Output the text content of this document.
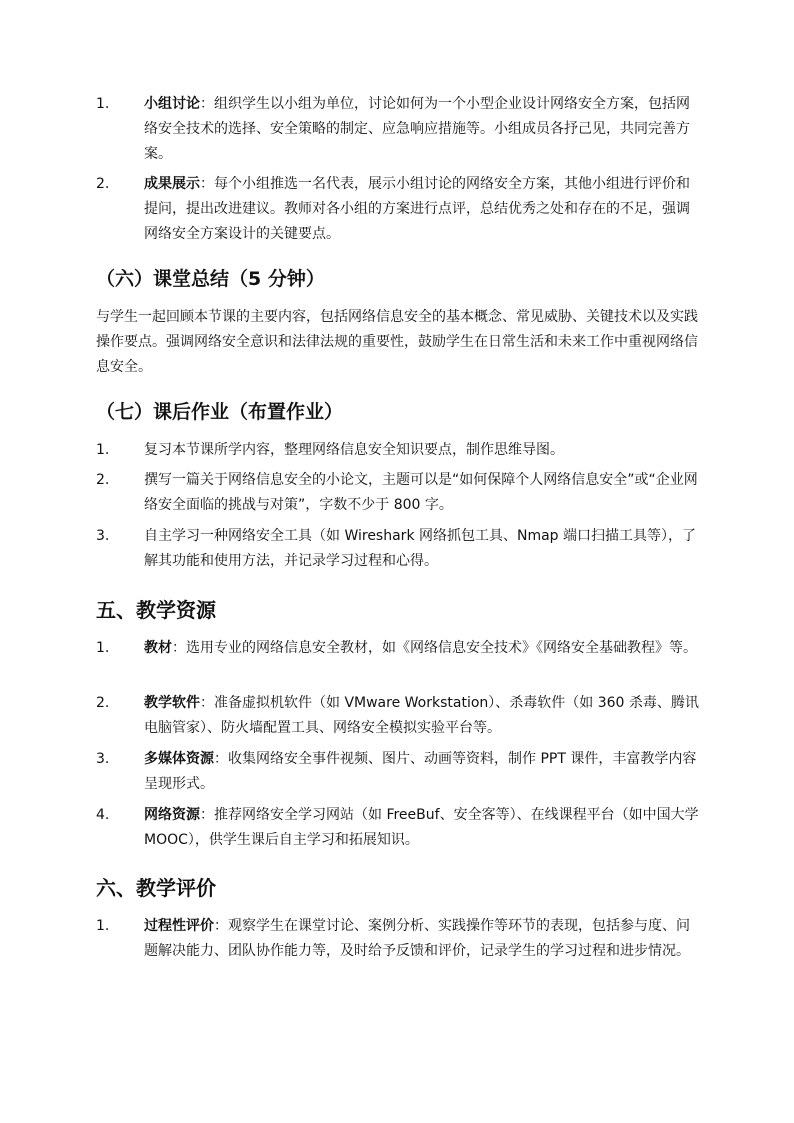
1. 小组讨论：组织学生以小组为单位，讨论如何为一个小型企业设计网络安全方案，包括网络安全技术的选择、安全策略的制定、应急响应措施等。小组成员各抒己见，共同完善方案。
2. 成果展示：每个小组推选一名代表，展示小组讨论的网络安全方案，其他小组进行评价和提问，提出改进建议。教师对各小组的方案进行点评，总结优秀之处和存在的不足，强调网络安全方案设计的关键要点。
（六）课堂总结（5 分钟）
与学生一起回顾本节课的主要内容，包括网络信息安全的基本概念、常见威胁、关键技术以及实践操作要点。强调网络安全意识和法律法规的重要性，鼓励学生在日常生活和未来工作中重视网络信息安全。
（七）课后作业（布置作业）
1. 复习本节课所学内容，整理网络信息安全知识要点，制作思维导图。
2. 撰写一篇关于网络信息安全的小论文，主题可以是“如何保障个人网络信息安全”或“企业网络安全面临的挑战与对策”，字数不少于 800 字。
3. 自主学习一种网络安全工具（如 Wireshark 网络抓包工具、Nmap 端口扫描工具等），了解其功能和使用方法，并记录学习过程和心得。
五、教学资源
1. 教材：选用专业的网络信息安全教材，如《网络信息安全技术》《网络安全基础教程》等。
2. 教学软件：准备虚拟机软件（如 VMware Workstation）、杀毒软件（如 360 杀毒、腾讯电脑管家）、防火墙配置工具、网络安全模拟实验平台等。
3. 多媒体资源：收集网络安全事件视频、图片、动画等资料，制作 PPT 课件，丰富教学内容呈现形式。
4. 网络资源：推荐网络安全学习网站（如 FreeBuf、安全客等）、在线课程平台（如中国大学 MOOC），供学生课后自主学习和拓展知识。
六、教学评价
1. 过程性评价：观察学生在课堂讨论、案例分析、实践操作等环节的表现，包括参与度、问题解决能力、团队协作能力等，及时给予反馈和评价，记录学生的学习过程和进步情况。
